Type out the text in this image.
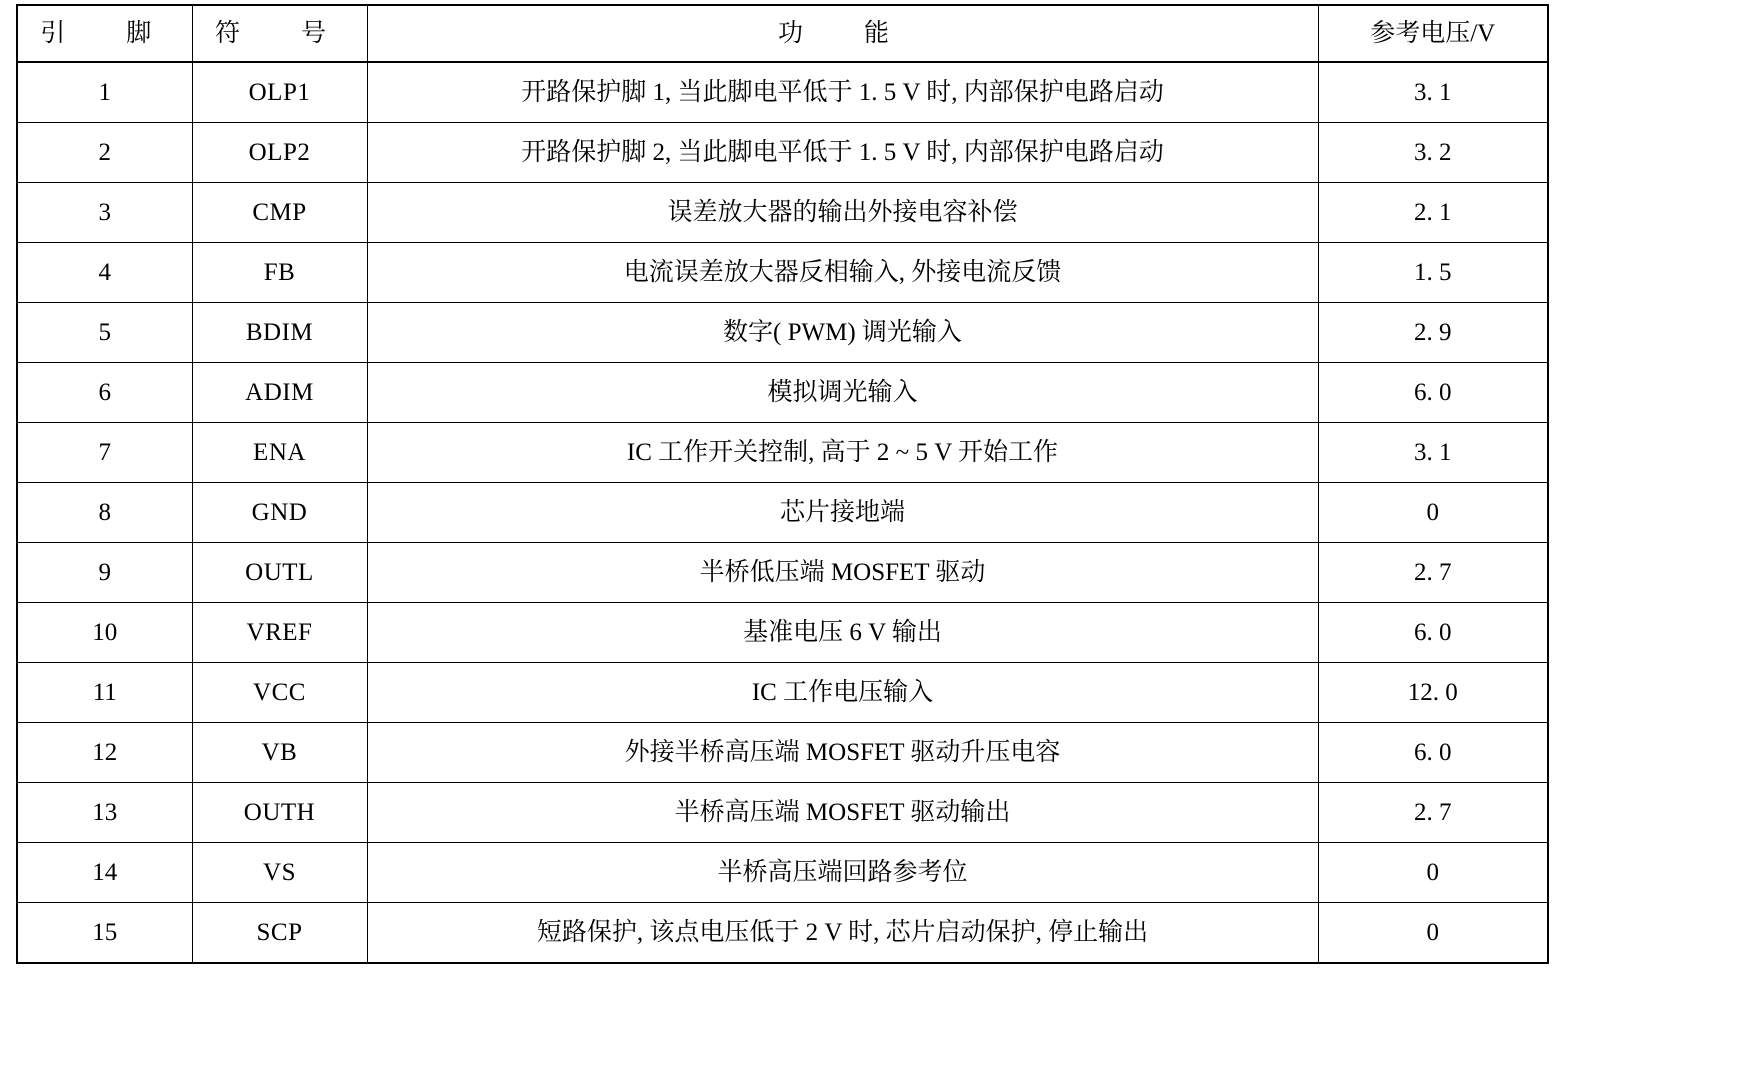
引　脚	符　号	功　能	参考电压/V
1	OLP1	开路保护脚 1, 当此脚电平低于 1. 5 V 时, 内部保护电路启动	3. 1
2	OLP2	开路保护脚 2, 当此脚电平低于 1. 5 V 时, 内部保护电路启动	3. 2
3	CMP	误差放大器的输出外接电容补偿	2. 1
4	FB	电流误差放大器反相输入, 外接电流反馈	1. 5
5	BDIM	数字( PWM) 调光输入	2. 9
6	ADIM	模拟调光输入	6. 0
7	ENA	IC 工作开关控制, 高于 2 ~ 5 V 开始工作	3. 1
8	GND	芯片接地端	0
9	OUTL	半桥低压端 MOSFET 驱动	2. 7
10	VREF	基准电压 6 V 输出	6. 0
11	VCC	IC 工作电压输入	12. 0
12	VB	外接半桥高压端 MOSFET 驱动升压电容	6. 0
13	OUTH	半桥高压端 MOSFET 驱动输出	2. 7
14	VS	半桥高压端回路参考位	0
15	SCP	短路保护, 该点电压低于 2 V 时, 芯片启动保护, 停止输出	0
